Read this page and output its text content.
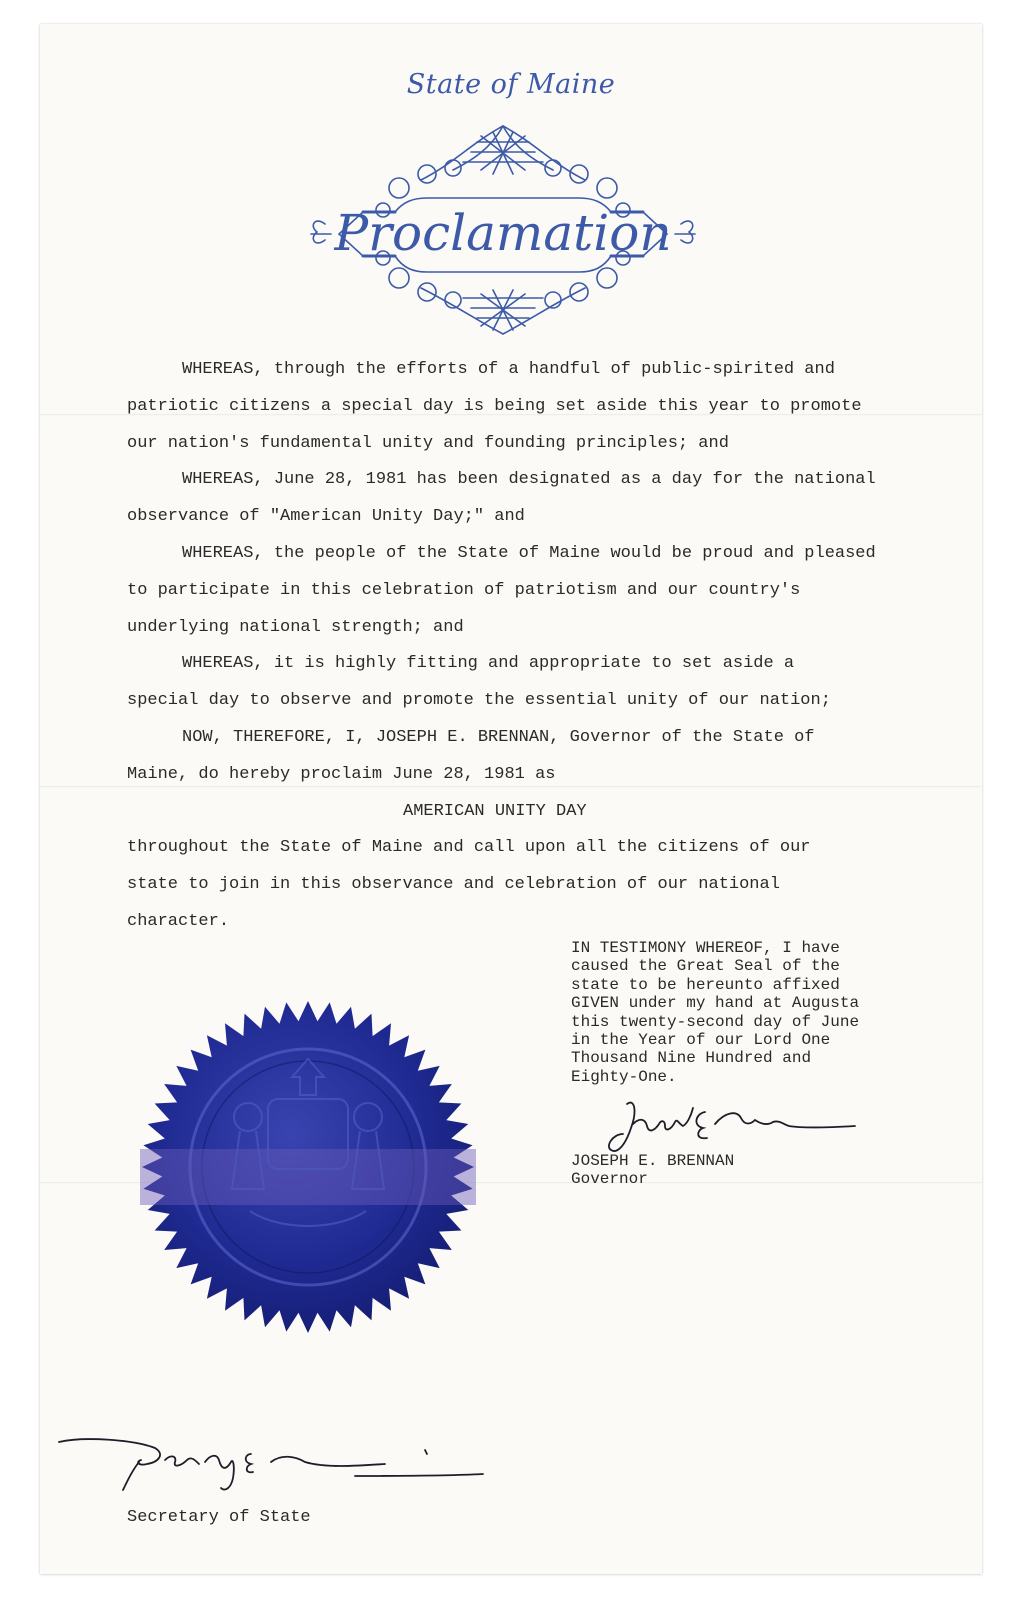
State of Maine
Proclamation

WHEREAS, through the efforts of a handful of public-spirited and
patriotic citizens a special day is being set aside this year to promote
our nation's fundamental unity and founding principles; and

WHEREAS, June 28, 1981 has been designated as a day for the national
observance of "American Unity Day;" and

WHEREAS, the people of the State of Maine would be proud and pleased
to participate in this celebration of patriotism and our country's
underlying national strength; and

WHEREAS, it is highly fitting and appropriate to set aside a
special day to observe and promote the essential unity of our nation;

NOW, THEREFORE, I, JOSEPH E. BRENNAN, Governor of the State of
Maine, do hereby proclaim June 28, 1981 as

AMERICAN UNITY DAY

throughout the State of Maine and call upon all the citizens of our
state to join in this observance and celebration of our national
character.

IN TESTIMONY WHEREOF, I have

caused the Great Seal of the

state to be hereunto affixed

GIVEN under my hand at Augusta

this twenty-second day of June

in the Year of our Lord One

Thousand Nine Hundred and

Eighty-One.

JOSEPH E. BRENNAN

Governor

Secretary of State
